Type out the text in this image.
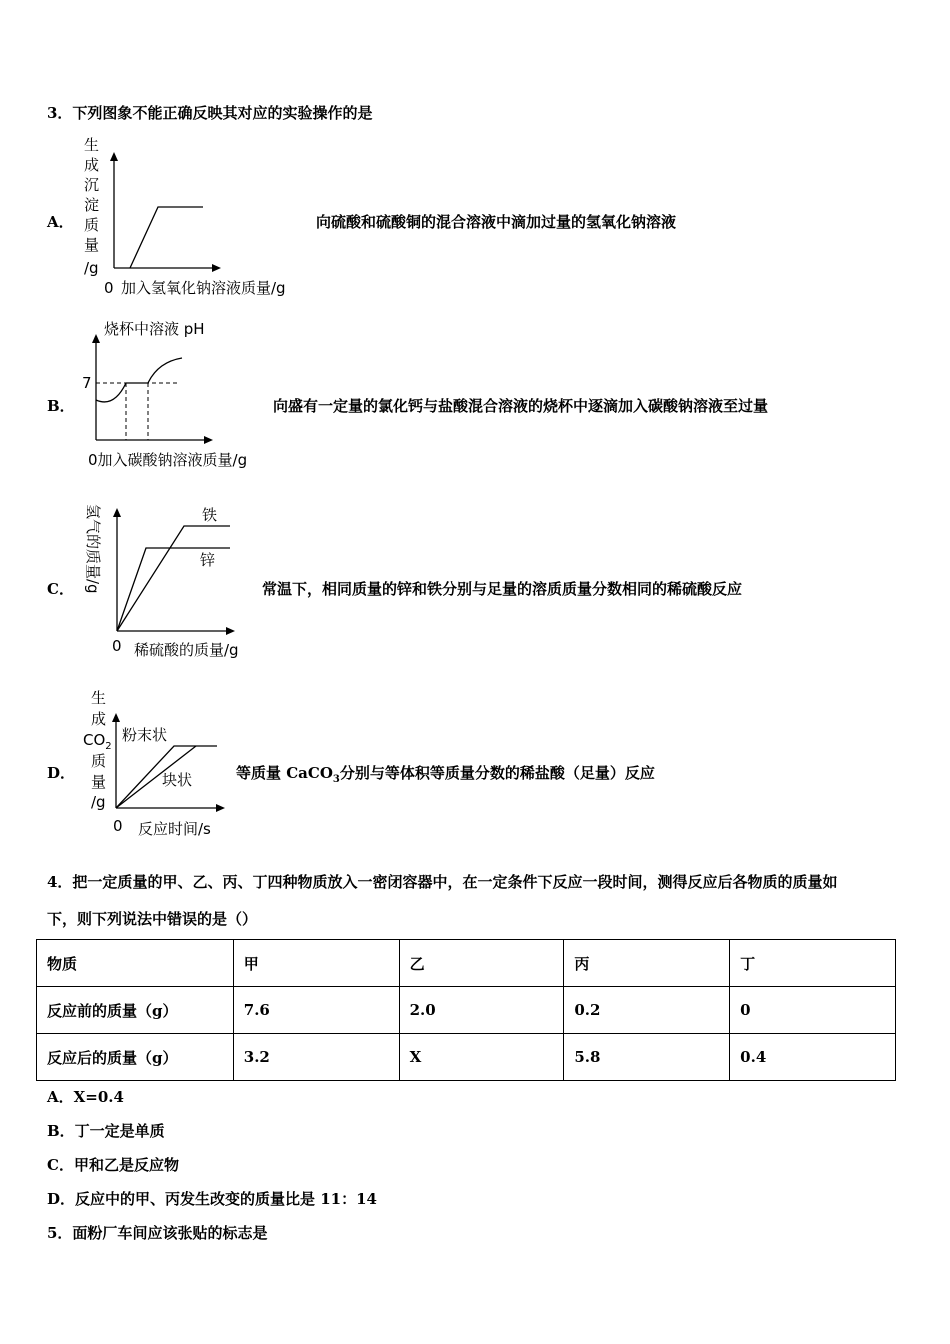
3．下列图象不能正确反映其对应的实验操作的是
A．
生
成
沉
淀
质
量
/g
0 加入氢氧化钠溶液质量/g
向硫酸和硫酸铜的混合溶液中滴加过量的氢氧化钠溶液
B．
烧杯中溶液 pH
7
0加入碳酸钠溶液质量/g
向盛有一定量的氯化钙与盐酸混合溶液的烧杯中逐滴加入碳酸钠溶液至过量
C． 氢气的质量/g	铁
锌
0 稀硫酸的质量/g
常温下，相同质量的锌和铁分别与足量的溶质质量分数相同的稀硫酸反应
D．
生
成
$CO_2$
质
量
/g
粉末状
块状
0 反应时间/s
等质量 CaCO$_3$分别与等体积等质量分数的稀盐酸（足量）反应
4．把一定质量的甲、乙、丙、丁四种物质放入一密闭容器中，在一定条件下反应一段时间，测得反应后各物质的质量如
下，则下列说法中错误的是（）
物质	甲	乙	丙	丁
反应前的质量（g）	7.6	2.0	0.2	0
反应后的质量（g）	3.2	X	5.8	0.4
A．X=0.4
B．丁一定是单质
C．甲和乙是反应物
D．反应中的甲、丙发生改变的质量比是 11：14
5．面粉厂车间应该张贴的标志是
